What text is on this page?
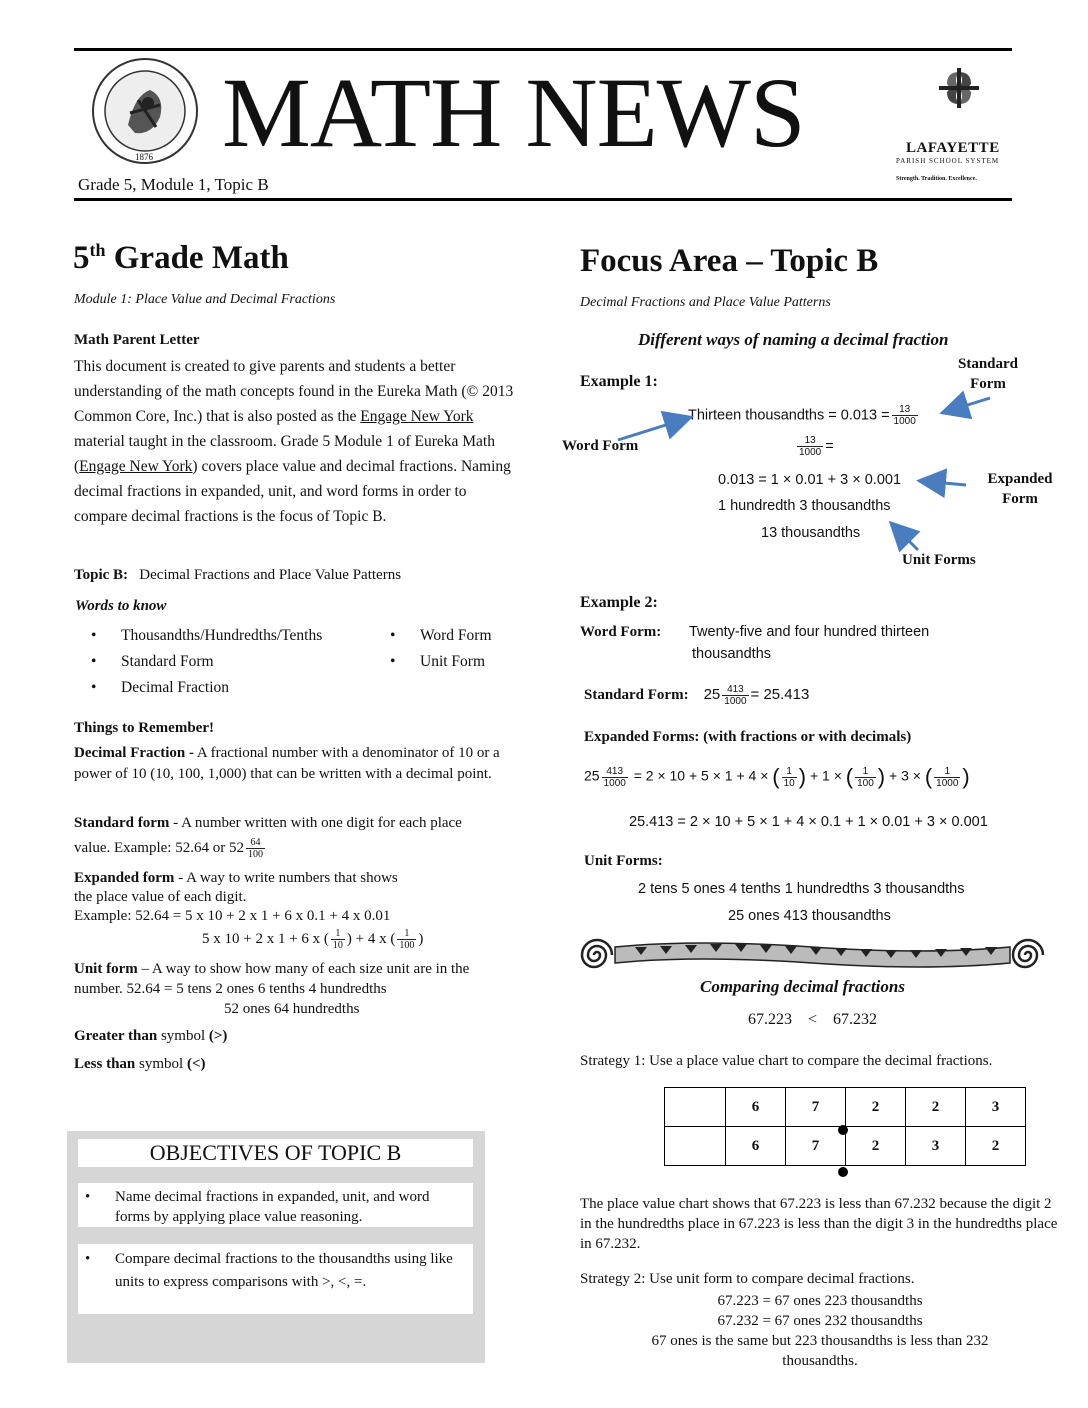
1876 MATH NEWS	LAFAYETTE
PARISH SCHOOL SYSTEM
Strength. Tradition. Excellence.
Grade 5, Module 1, Topic B
5th Grade Math
Module 1: Place Value and Decimal Fractions
Math Parent Letter
This document is created to give parents and students a better understanding of the math concepts found in the Eureka Math (© 2013 Common Core, Inc.) that is also posted as the Engage New York material taught in the classroom. Grade 5 Module 1 of Eureka Math (Engage New York) covers place value and decimal fractions. Naming decimal fractions in expanded, unit, and word forms in order to compare decimal fractions is the focus of Topic B.
Topic B: Decimal Fractions and Place Value Patterns
Words to know
• Thousandths/Hundredths/Tenths
• Standard Form
• Decimal Fraction
• Word Form
• Unit Form
Things to Remember!
Decimal Fraction - A fractional number with a denominator of 10 or a power of 10 (10, 100, 1,000) that can be written with a decimal point.
Standard form - A number written with one digit for each place value. Example: 52.64 or $52 \frac{64}{100}$
Expanded form - A way to write numbers that shows
the place value of each digit.
Example: 52.64 = 5 x 10 + 2 x 1 + 6 x 0.1 + 4 x 0.01
5 x 10 + 2 x 1 + 6 x ( $\frac{1}{10}$ ) + 4 x ( $\frac{1}{100}$ )
Unit form – A way to show how many of each size unit are in the number. 52.64 = 5 tens 2 ones 6 tenths 4 hundredths
52 ones 64 hundredths
Greater than symbol (>)
Less than symbol (<)
OBJECTIVES OF TOPIC B
• Name decimal fractions in expanded, unit, and word forms by applying place value reasoning.
• Compare decimal fractions to the thousandths using like units to express comparisons with >, <, =.
Focus Area – Topic B
Decimal Fractions and Place Value Patterns
Different ways of naming a decimal fraction
Example 1:
Standard Form
Thirteen thousandths = $0.013 = \frac{13}{1000}$
Word Form	$\frac{13}{1000}$ =
0.013 = 1 × 0.01 + 3 × 0.001	Expanded Form
1 hundredth 3 thousandths
13 thousandths
Unit Forms
Example 2:
Word Form: Twenty-five and four hundred thirteen
thousandths
Standard Form: $25 \frac{413}{1000} = 25.413$
Expanded Forms: (with fractions or with decimals)
$25 \frac{413}{1000} = 2 \times 10 + 5 \times 1 + 4$ × ( $\frac{1}{10}$ ) + 1 × ( $\frac{1}{100}$ ) + 3 × ( $\frac{1}{1000}$ )
25.413 = 2 × 10 + 5 × 1 + 4 × 0.1 + 1 × 0.01 + 3 × 0.001
Unit Forms:
2 tens 5 ones 4 tenths 1 hundredths 3 thousandths
25 ones 413 thousandths
Comparing decimal fractions
67.223 < 67.232
Strategy 1: Use a place value chart to compare the decimal fractions.
	6	7	2	2	3
	6	7	2	3	2
The place value chart shows that 67.223 is less than 67.232 because the digit 2 in the hundredths place in 67.223 is less than the digit 3 in the hundredths place in 67.232.
Strategy 2: Use unit form to compare decimal fractions.
67.223 = 67 ones 223 thousandths
67.232 = 67 ones 232 thousandths
67 ones is the same but 223 thousandths is less than 232 thousandths.
